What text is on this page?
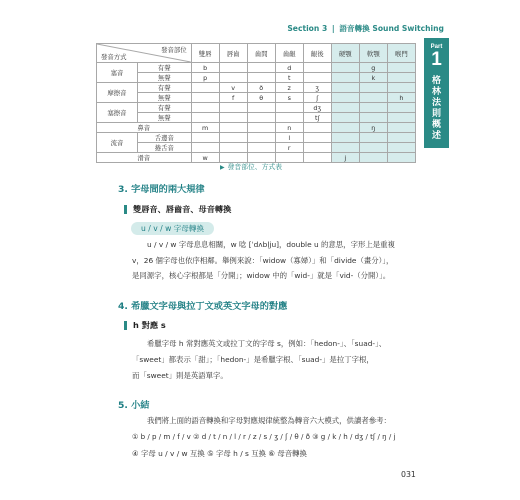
Section 3 | 語音轉換 Sound Switching
Part
1
格林法則概述
發音部位
發音方式		雙唇	唇齒	齒間	齒齦	齦後	硬顎	軟顎	喉門
塞音	有聲	b			d			g	
	無聲	p			t			k	
摩擦音	有聲		v	ð	z	ʒ			
	無聲		f	θ	s	ʃ			h
塞擦音	有聲					dʒ			
	無聲					tʃ			
鼻音		m			n			ŋ	
流音	舌邊音				l				
	捲舌音				r				
滑音		w					j		
▶ 發音部位、方式表
3. 字母間的兩大規律
雙唇音、唇齒音、母音轉換
u / v / w 字母轉換
u / v / w 字母息息相關，w 唸 [ˈdʌbl̩ju]，double u 的意思，字形上是重複
v，26 個字母也依序相鄰。舉例來說：「widow（寡婦）」和「divide（畫分）」，
是同源字，核心字根都是「分開」；widow 中的「wid-」就是「vid-（分開）」。
4. 希臘文字母與拉丁文或英文字母的對應
h 對應 s
希臘字母 h 常對應英文或拉丁文的字母 s，例如：「hedon-」、「suad-」、
「sweet」都表示「甜」；「hedon-」是希臘字根、「suad-」是拉丁字根，
而「sweet」則是英語單字。
5. 小結
我們將上面的語音轉換和字母對應規律統整為轉音六大模式，供讀者參考：
① b / p / m / f / v ② d / t / n / l / r / z / s / ʒ / ʃ / θ / ð ③ g / k / h / dʒ / tʃ / ŋ / j
④ 字母 u / v / w 互換 ⑤ 字母 h / s 互換 ⑥ 母音轉換
031
